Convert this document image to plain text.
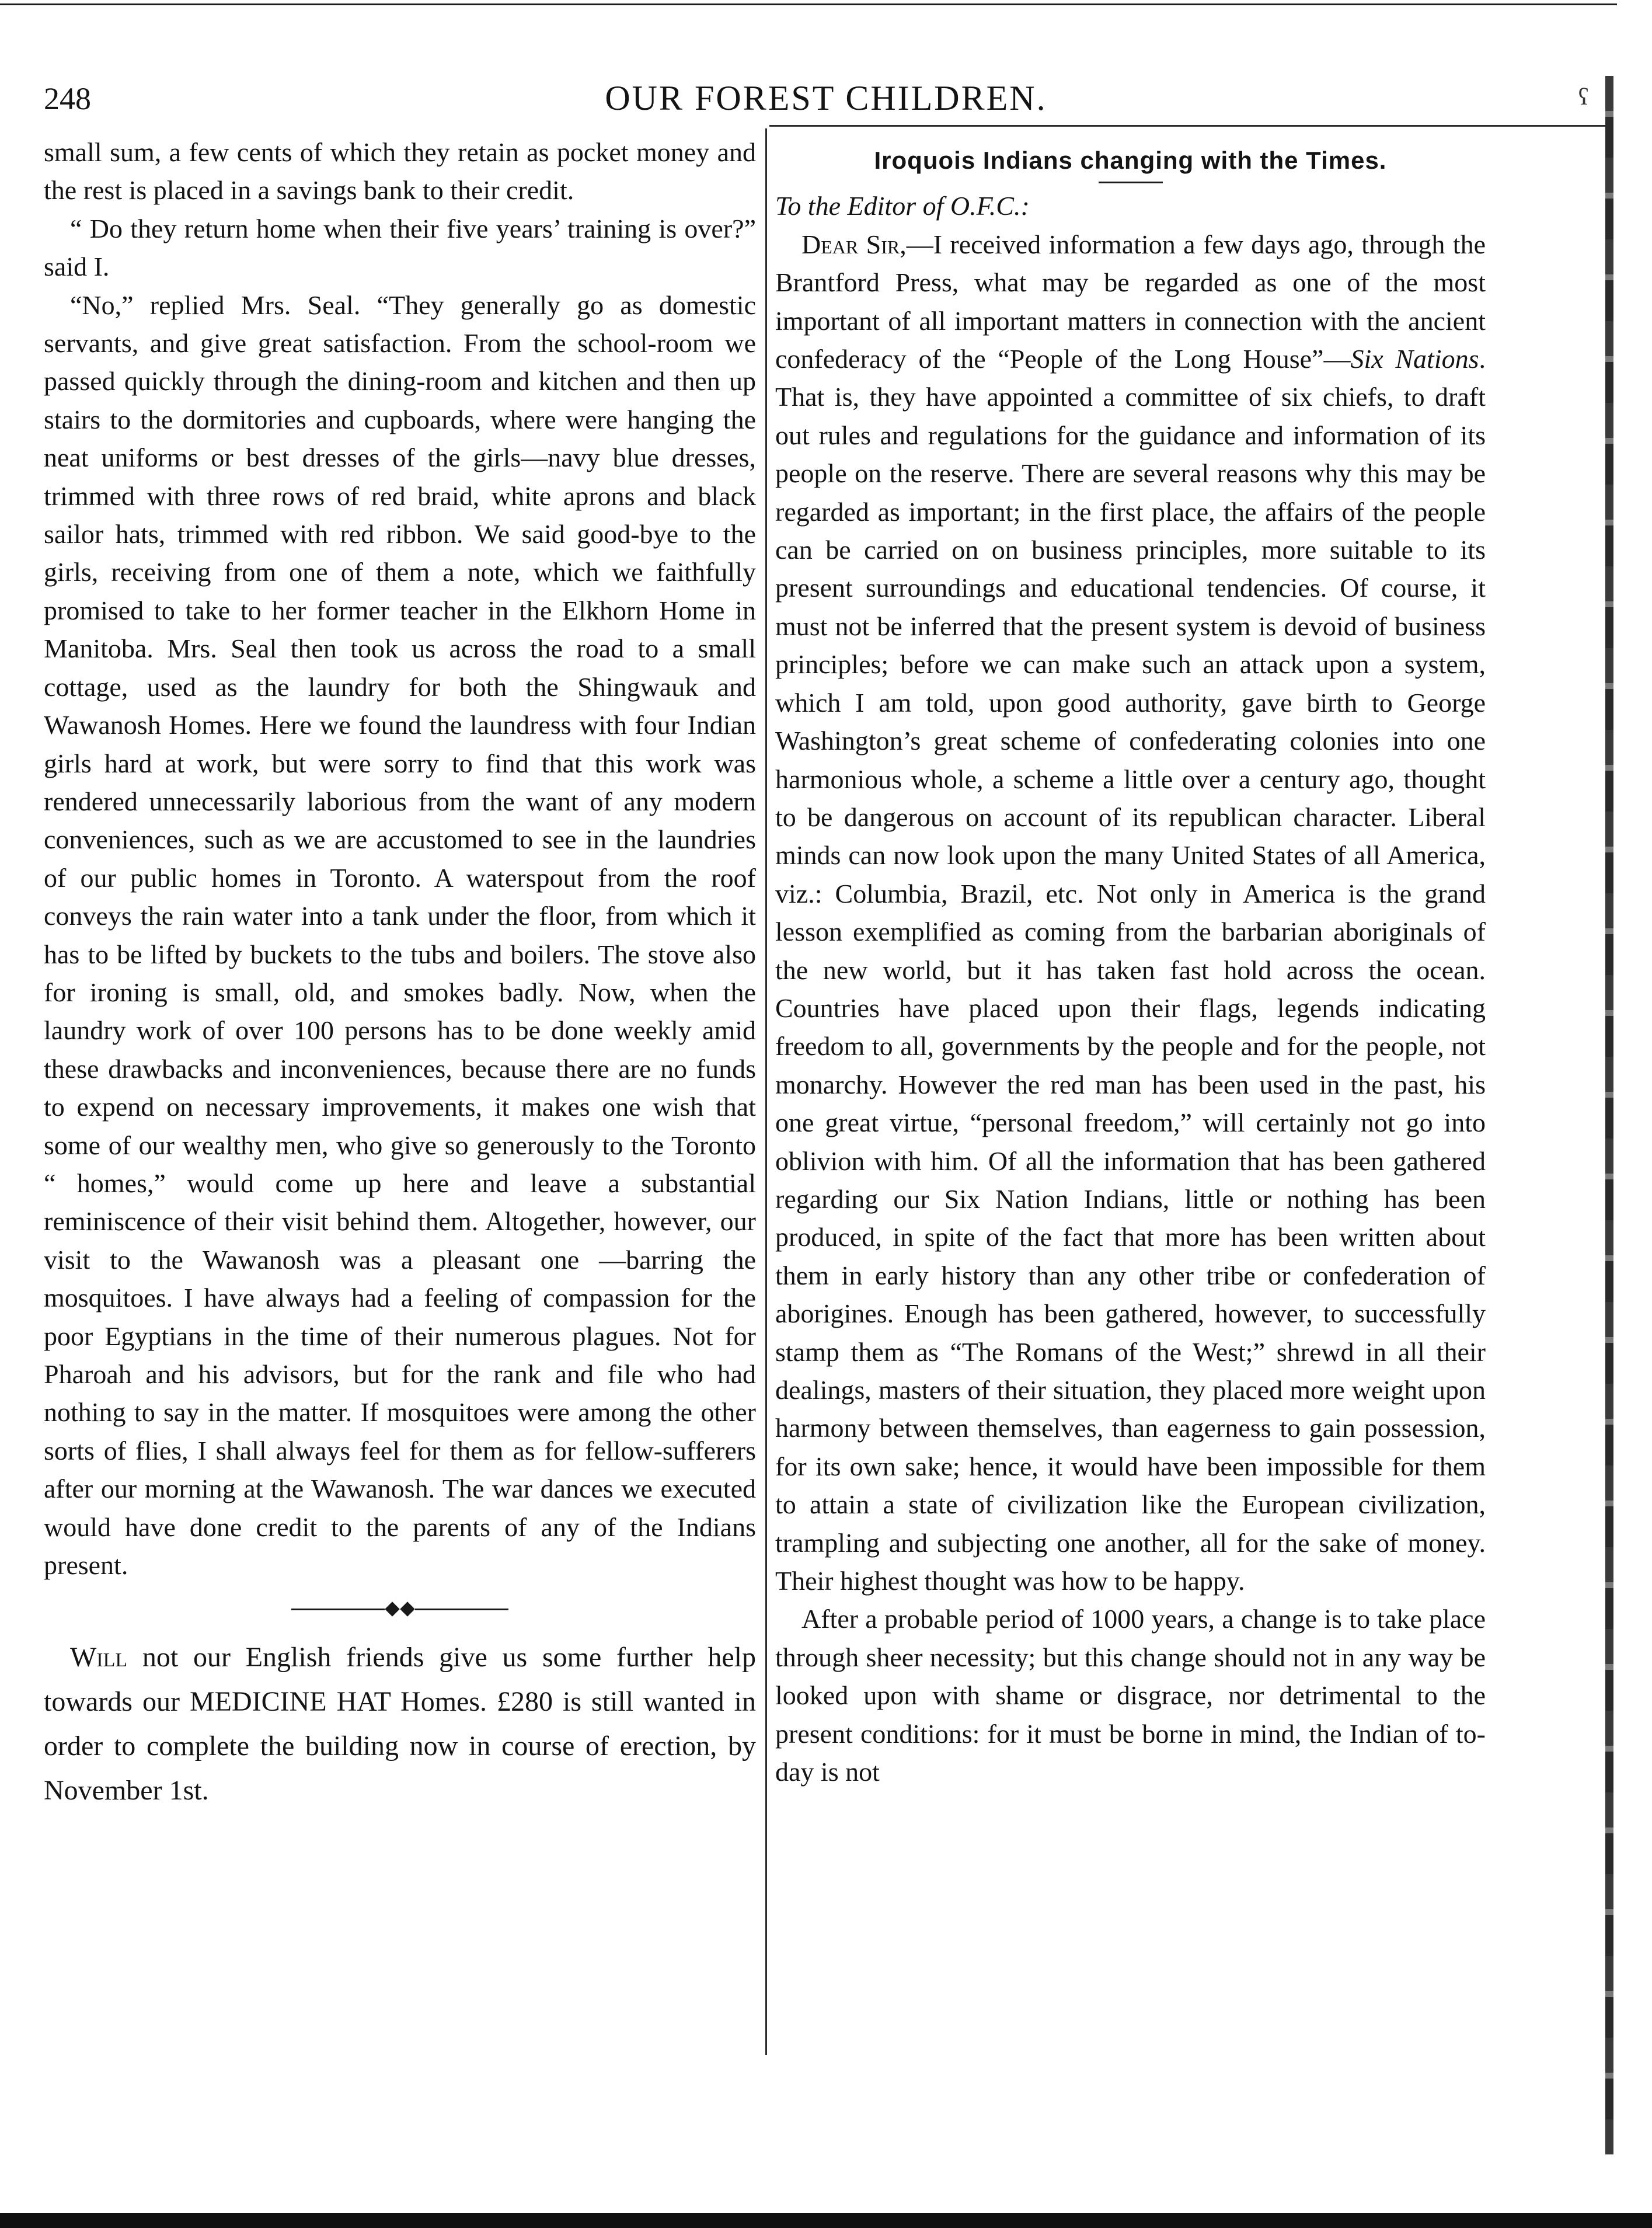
ʕ
248	OUR FOREST CHILDREN.

small sum, a few cents of which they retain as pocket money and the rest is placed in a savings bank to their credit.

“ Do they return home when their five years’ training is over?” said I.

“No,” replied Mrs. Seal. “They generally go as domestic servants, and give great satisfaction. From the school-room we passed quickly through the dining-room and kitchen and then up stairs to the dormitories and cupboards, where were hanging the neat uniforms or best dresses of the girls—navy blue dresses, trimmed with three rows of red braid, white aprons and black sailor hats, trimmed with red ribbon. We said good-bye to the girls, receiving from one of them a note, which we faithfully promised to take to her former teacher in the Elkhorn Home in Manitoba. Mrs. Seal then took us across the road to a small cottage, used as the laundry for both the Shingwauk and Wawanosh Homes. Here we found the laundress with four Indian girls hard at work, but were sorry to find that this work was rendered unnecessarily laborious from the want of any modern conveniences, such as we are accustomed to see in the laundries of our public homes in Toronto. A waterspout from the roof conveys the rain water into a tank under the floor, from which it has to be lifted by buckets to the tubs and boilers. The stove also for ironing is small, old, and smokes badly. Now, when the laundry work of over 100 persons has to be done weekly amid these drawbacks and inconveniences, because there are no funds to expend on necessary improvements, it makes one wish that some of our wealthy men, who give so generously to the Toronto “ homes,” would come up here and leave a substantial reminiscence of their visit behind them. Altogether, however, our visit to the Wawanosh was a pleasant one —barring the mosquitoes. I have always had a feeling of compassion for the poor Egyptians in the time of their numerous plagues. Not for Pharoah and his advisors, but for the rank and file who had nothing to say in the matter. If mosquitoes were among the other sorts of flies, I shall always feel for them as for fellow-sufferers after our morning at the Wawanosh. The war dances we executed would have done credit to the parents of any of the Indians present.

Will not our English friends give us some further help towards our MEDICINE HAT Homes. £280 is still wanted in order to complete the building now in course of erection, by November 1st.

Iroquois Indians changing with the Times.

To the Editor of O.F.C.:

Dear Sir,—I received information a few days ago, through the Brantford Press, what may be regarded as one of the most important of all important matters in connection with the ancient confederacy of the “People of the Long House”—Six Nations. That is, they have appointed a committee of six chiefs, to draft out rules and regulations for the guidance and information of its people on the reserve. There are several reasons why this may be regarded as important; in the first place, the affairs of the people can be carried on on business principles, more suitable to its present surroundings and educational tendencies. Of course, it must not be inferred that the present system is devoid of business principles; before we can make such an attack upon a system, which I am told, upon good authority, gave birth to George Washington’s great scheme of confederating colonies into one harmonious whole, a scheme a little over a century ago, thought to be dangerous on account of its republican character. Liberal minds can now look upon the many United States of all America, viz.: Columbia, Brazil, etc. Not only in America is the grand lesson exemplified as coming from the barbarian aboriginals of the new world, but it has taken fast hold across the ocean. Countries have placed upon their flags, legends indicating freedom to all, governments by the people and for the people, not monarchy. However the red man has been used in the past, his one great virtue, “personal freedom,” will certainly not go into oblivion with him. Of all the information that has been gathered regarding our Six Nation Indians, little or nothing has been produced, in spite of the fact that more has been written about them in early history than any other tribe or confederation of aborigines. Enough has been gathered, however, to successfully stamp them as “The Romans of the West;” shrewd in all their dealings, masters of their situation, they placed more weight upon harmony between themselves, than eagerness to gain possession, for its own sake; hence, it would have been impossible for them to attain a state of civilization like the European civilization, trampling and subjecting one another, all for the sake of money. Their highest thought was how to be happy.

After a probable period of 1000 years, a change is to take place through sheer necessity; but this change should not in any way be looked upon with shame or disgrace, nor detrimental to the present conditions: for it must be borne in mind, the Indian of to-day is not
